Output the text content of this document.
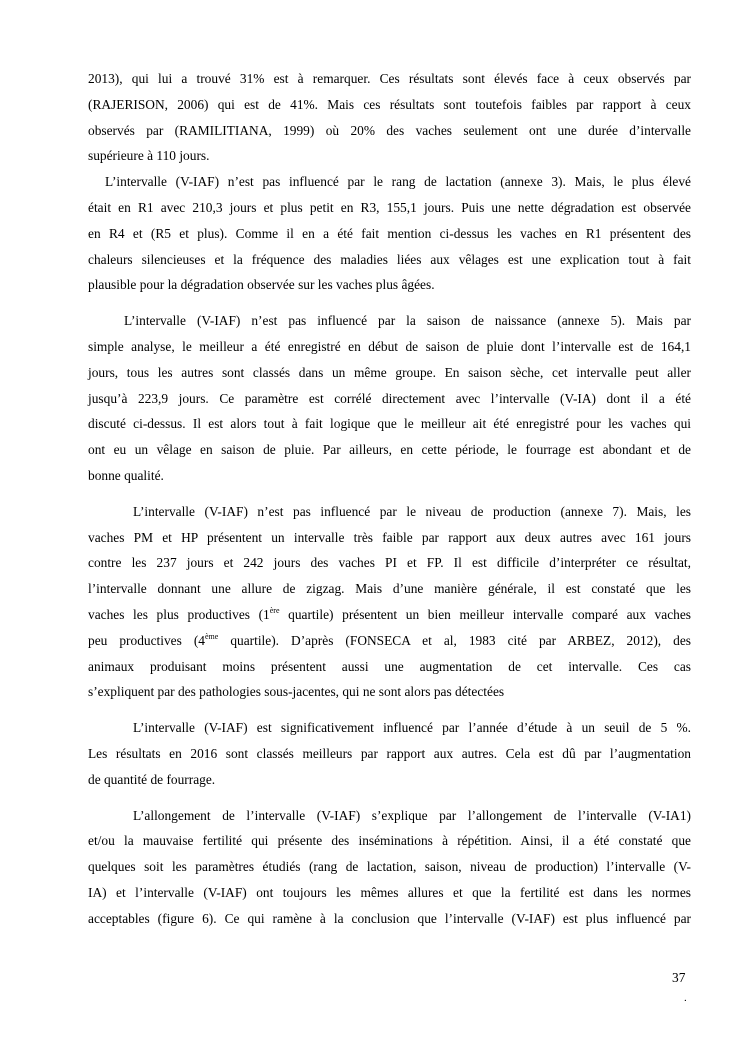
2013), qui lui a trouvé 31% est à remarquer. Ces résultats sont élevés face à ceux observés par
(RAJERISON, 2006) qui est de 41%. Mais ces résultats sont toutefois faibles par rapport à ceux
observés par (RAMILITIANA, 1999) où 20% des vaches seulement ont une durée d’intervalle
supérieure à 110 jours.

L’intervalle (V-IAF) n’est pas influencé par le rang de lactation (annexe 3). Mais, le plus élevé
était en R1 avec 210,3 jours et plus petit en R3, 155,1 jours. Puis une nette dégradation est observée
en R4 et (R5 et plus). Comme il en a été fait mention ci-dessus les vaches en R1 présentent des
chaleurs silencieuses et la fréquence des maladies liées aux vêlages est une explication tout à fait
plausible pour la dégradation observée sur les vaches plus âgées.

L’intervalle (V-IAF) n’est pas influencé par la saison de naissance (annexe 5). Mais par
simple analyse, le meilleur a été enregistré en début de saison de pluie dont l’intervalle est de 164,1
jours, tous les autres sont classés dans un même groupe. En saison sèche, cet intervalle peut aller
jusqu’à 223,9 jours. Ce paramètre est corrélé directement avec l’intervalle (V-IA) dont il a été
discuté ci-dessus. Il est alors tout à fait logique que le meilleur ait été enregistré pour les vaches qui
ont eu un vêlage en saison de pluie. Par ailleurs, en cette période, le fourrage est abondant et de
bonne qualité.

L’intervalle (V-IAF) n’est pas influencé par le niveau de production (annexe 7). Mais, les
vaches PM et HP présentent un intervalle très faible par rapport aux deux autres avec 161 jours
contre les 237 jours et 242 jours des vaches PI et FP. Il est difficile d’interpréter ce résultat,
l’intervalle donnant une allure de zigzag. Mais d’une manière générale, il est constaté que les
vaches les plus productives (1ère quartile) présentent un bien meilleur intervalle comparé aux vaches
peu productives (4ème quartile). D’après (FONSECA et al, 1983 cité par ARBEZ, 2012), des
animaux produisant moins présentent aussi une augmentation de cet intervalle. Ces cas
s’expliquent par des pathologies sous-jacentes, qui ne sont alors pas détectées

L’intervalle (V-IAF) est significativement influencé par l’année d’étude à un seuil de 5 %.
Les résultats en 2016 sont classés meilleurs par rapport aux autres. Cela est dû par l’augmentation
de quantité de fourrage.

L’allongement de l’intervalle (V-IAF) s’explique par l’allongement de l’intervalle (V-IA1)
et/ou la mauvaise fertilité qui présente des inséminations à répétition. Ainsi, il a été constaté que
quelques soit les paramètres étudiés (rang de lactation, saison, niveau de production) l’intervalle (V-
IA) et l’intervalle (V-IAF) ont toujours les mêmes allures et que la fertilité est dans les normes
acceptables (figure 6). Ce qui ramène à la conclusion que l’intervalle (V-IAF) est plus influencé par

37
.
